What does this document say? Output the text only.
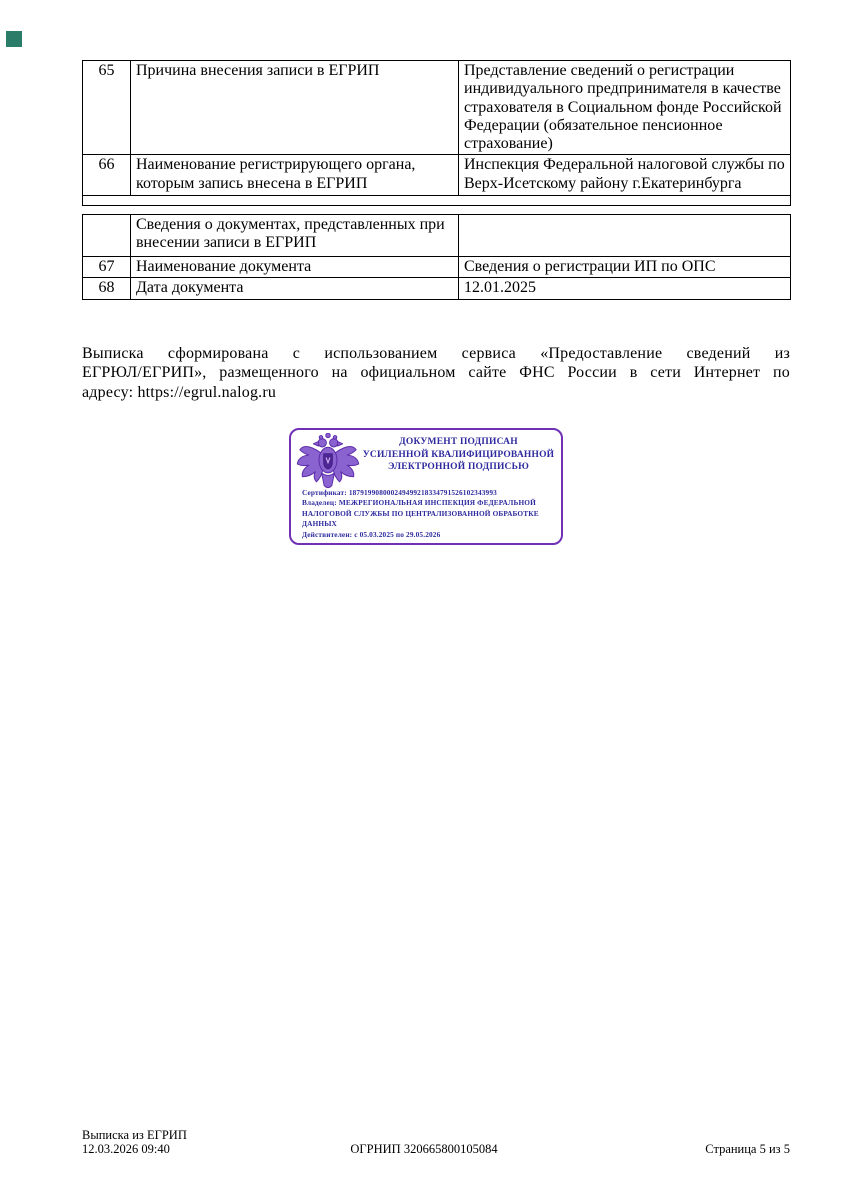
65	Причина внесения записи в ЕГРИП	Представление сведений о регистрации индивидуального предпринимателя в качестве страхователя в Социальном фонде Российской Федерации (обязательное пенсионное страхование)
66	Наименование регистрирующего органа, которым запись внесена в ЕГРИП	Инспекция Федеральной налоговой службы по Верх-Исетскому району г.Екатеринбурга

	Сведения о документах, представленных при внесении записи в ЕГРИП	
67	Наименование документа	Сведения о регистрации ИП по ОПС
68	Дата документа	12.01.2025
Выписка сформирована с использованием сервиса «Предоставление сведений из
ЕГРЮЛ/ЕГРИП», размещенного на официальном сайте ФНС России в сети Интернет по
адресу: https://egrul.nalog.ru
ДОКУМЕНТ ПОДПИСАН
УСИЛЕННОЙ КВАЛИФИЦИРОВАННОЙ
ЭЛЕКТРОННОЙ ПОДПИСЬЮ
Сертификат: 187919908000249499218334791526102343993
Владелец: МЕЖРЕГИОНАЛЬНАЯ ИНСПЕКЦИЯ ФЕДЕРАЛЬНОЙ НАЛОГОВОЙ СЛУЖБЫ ПО ЦЕНТРАЛИЗОВАННОЙ ОБРАБОТКЕ ДАННЫХ
Действителен: с 05.03.2025 по 29.05.2026
Выписка из ЕГРИП
12.03.2026 09:40	ОГРНИП 320665800105084	Страница 5 из 5
